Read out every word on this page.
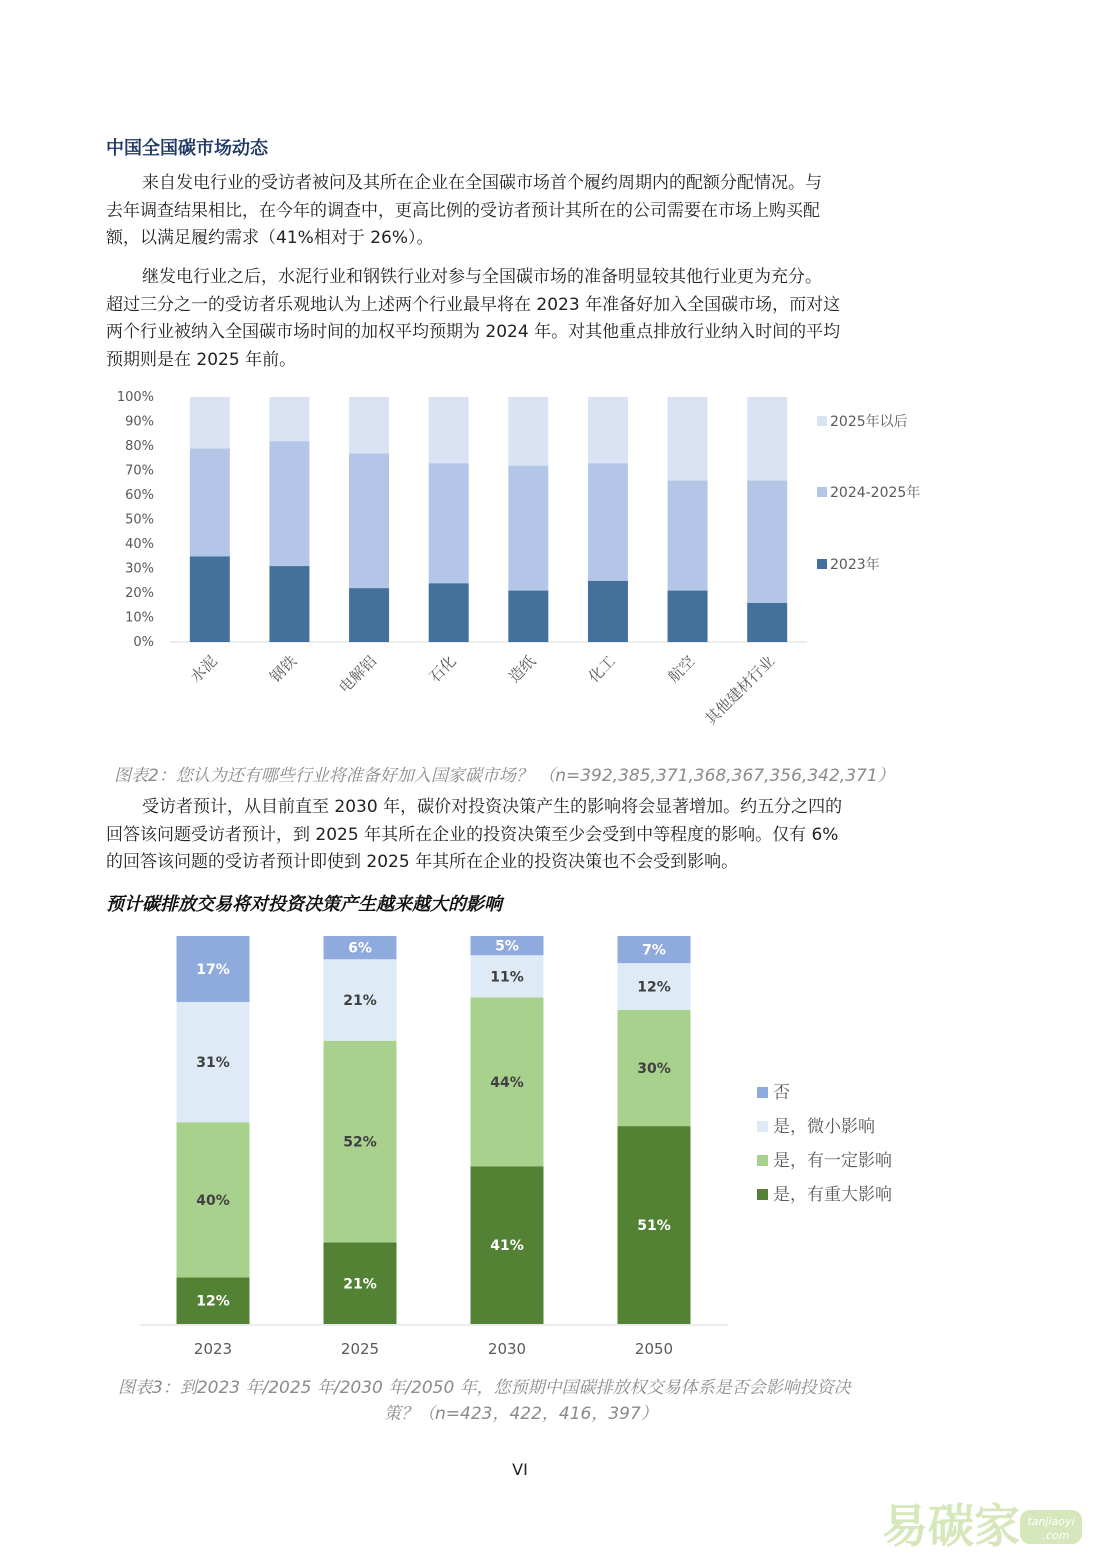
中国全国碳市场动态
来自发电行业的受访者被问及其所在企业在全国碳市场首个履约周期内的配额分配情况。与
去年调查结果相比，在今年的调查中，更高比例的受访者预计其所在的公司需要在市场上购买配
额，以满足履约需求（41%相对于 26%）。
继发电行业之后，水泥行业和钢铁行业对参与全国碳市场的准备明显较其他行业更为充分。
超过三分之一的受访者乐观地认为上述两个行业最早将在 2023 年准备好加入全国碳市场，而对这
两个行业被纳入全国碳市场时间的加权平均预期为 2024 年。对其他重点排放行业纳入时间的平均
预期则是在 2025 年前。
0%
10%
20%
30%
40%
50%
60%
70%
80%
90%
100%
水泥	钢铁 电解铝	石化	造纸	化工	航空 其他建材行业
2023年
2024-2025年
2025年以后
图表2：您认为还有哪些行业将准备好加入国家碳市场？ （n=392,385,371,368,367,356,342,371）
受访者预计，从目前直至 2030 年，碳价对投资决策产生的影响将会显著增加。约五分之四的
回答该问题受访者预计，到 2025 年其所在企业的投资决策至少会受到中等程度的影响。仅有 6%
的回答该问题的受访者预计即使到 2025 年其所在企业的投资决策也不会受到影响。
预计碳排放交易将对投资决策产生越来越大的影响
12%
40%
31%
17%
2023
21%
52%
21%
6%
2025
41%
44%
11%
5%
2030
51%
30%
12%
7%
2050
否
是，微小影响
是，有一定影响
是，有重大影响
图表3：到2023 年/2025 年/2030 年/2050 年，您预期中国碳排放权交易体系是否会影响投资决
策？（n=423，422，416，397）
VI
易碳家 tanjiaoyi
.com
